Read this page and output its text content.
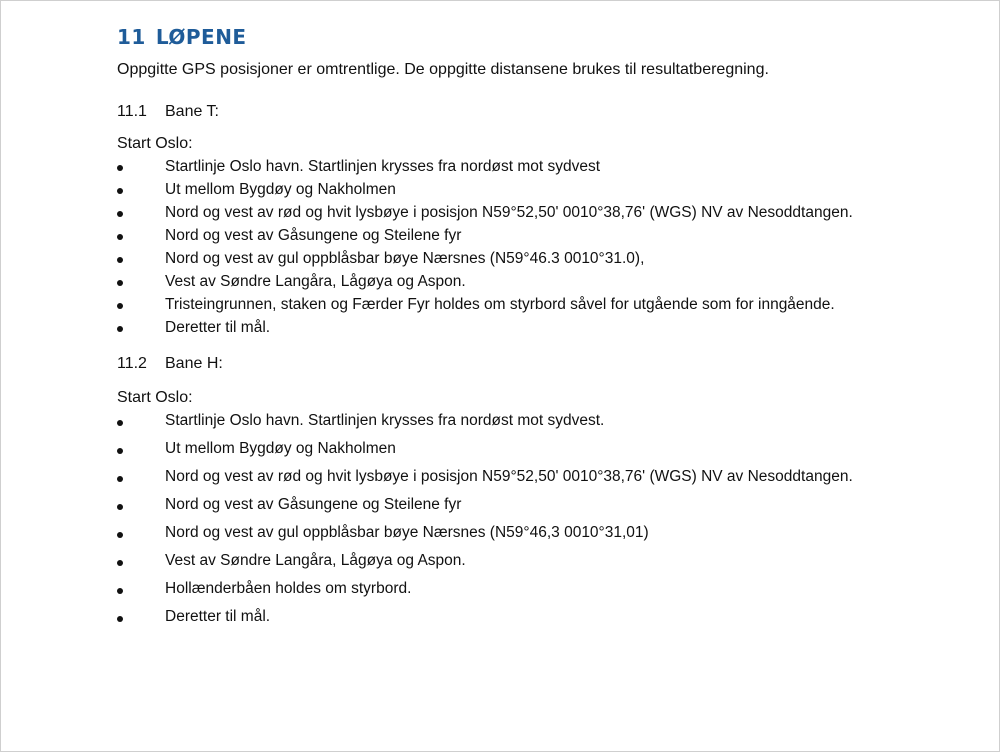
11 LØPENE

Oppgitte GPS posisjoner er omtrentlige. De oppgitte distansene brukes til resultatberegning.

11.1 Bane T:
Start Oslo:
Startlinje Oslo havn. Startlinjen krysses fra nordøst mot sydvest
Ut mellom Bygdøy og Nakholmen
Nord og vest av rød og hvit lysbøye i posisjon N59°52,50' 0010°38,76' (WGS) NV av Nesoddtangen.
Nord og vest av Gåsungene og Steilene fyr
Nord og vest av gul oppblåsbar bøye Nærsnes (N59°46.3 0010°31.0),
Vest av Søndre Langåra, Lågøya og Aspon.
Tristeingrunnen, staken og Færder Fyr holdes om styrbord såvel for utgående som for inngående.
Deretter til mål.
11.2 Bane H:
Start Oslo:
Startlinje Oslo havn. Startlinjen krysses fra nordøst mot sydvest.
Ut mellom Bygdøy og Nakholmen
Nord og vest av rød og hvit lysbøye i posisjon N59°52,50' 0010°38,76' (WGS) NV av Nesoddtangen.
Nord og vest av Gåsungene og Steilene fyr
Nord og vest av gul oppblåsbar bøye Nærsnes (N59°46,3 0010°31,01)
Vest av Søndre Langåra, Lågøya og Aspon.
Hollænderbåen holdes om styrbord.
Deretter til mål.
